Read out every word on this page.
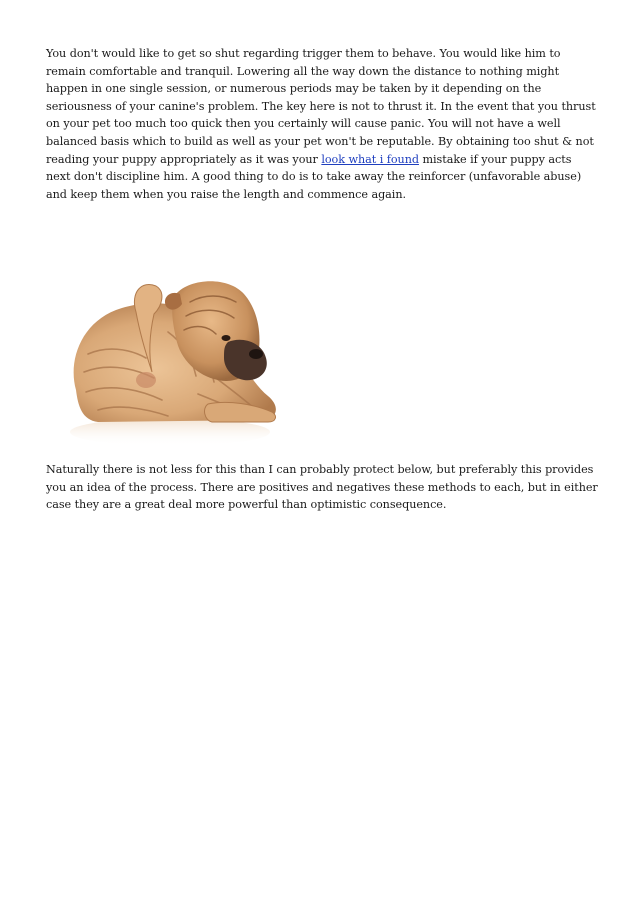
You don't would like to get so shut regarding trigger them to behave. You would like him to remain comfortable and tranquil. Lowering all the way down the distance to nothing might happen in one single session, or numerous periods may be taken by it depending on the seriousness of your canine's problem. The key here is not to thrust it. In the event that you thrust on your pet too much too quick then you certainly will cause panic. You will not have a well balanced basis which to build as well as your pet won't be reputable. By obtaining too shut & not reading your puppy appropriately as it was your look what i found mistake if your puppy acts next don't discipline him. A good thing to do is to take away the reinforcer (unfavorable abuse) and keep them when you raise the length and commence again.

Naturally there is not less for this than I can probably protect below, but preferably this provides you an idea of the process. There are positives and negatives these methods to each, but in either case they are a great deal more powerful than optimistic consequence.
